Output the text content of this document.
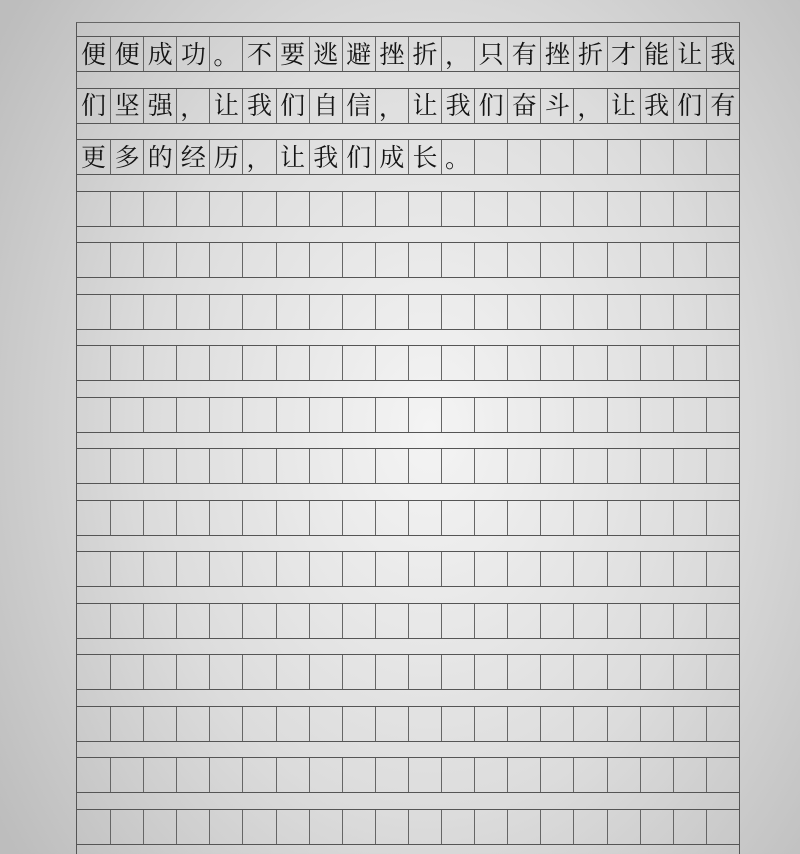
便 便 成 功 。 不 要 逃 避 挫 折 ， 只 有 挫 折 才 能 让 我
们 坚 强 ， 让 我 们 自 信 ， 让 我 们 奋 斗 ， 让 我 们 有
更 多 的 经 历 ， 让 我 们 成 长 。
